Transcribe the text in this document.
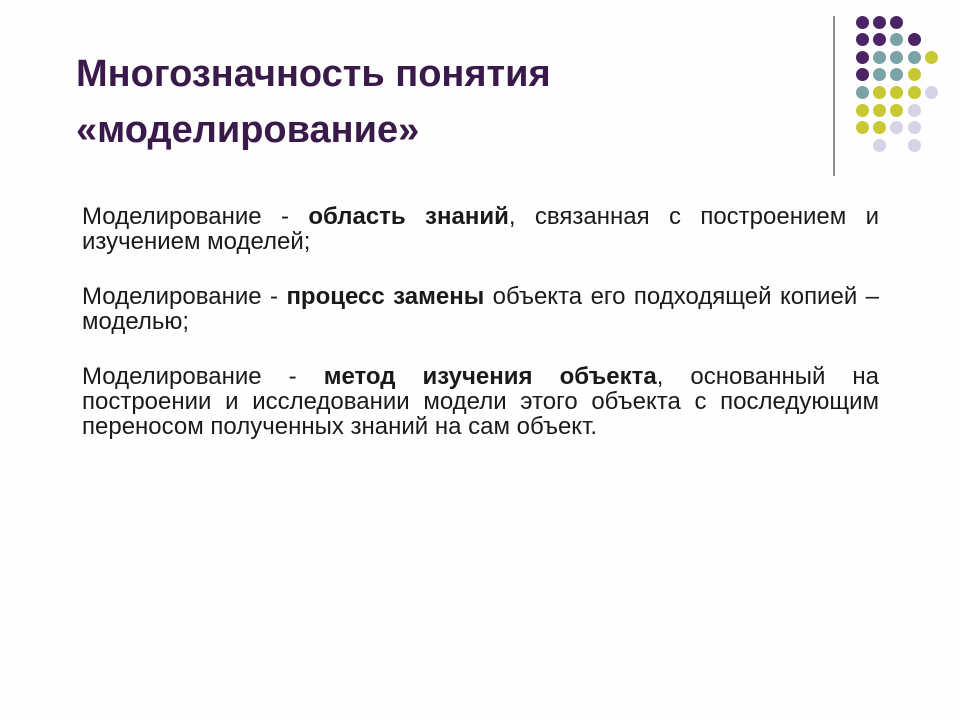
Многозначность понятия
«моделирование»

Моделирование - область знаний, связанная с построением и изучением моделей;

Моделирование - процесс замены объекта его подходящей копией – моделью;

Моделирование - метод изучения объекта, основанный на построении и исследовании модели этого объекта с последующим переносом полученных знаний на сам объект.
